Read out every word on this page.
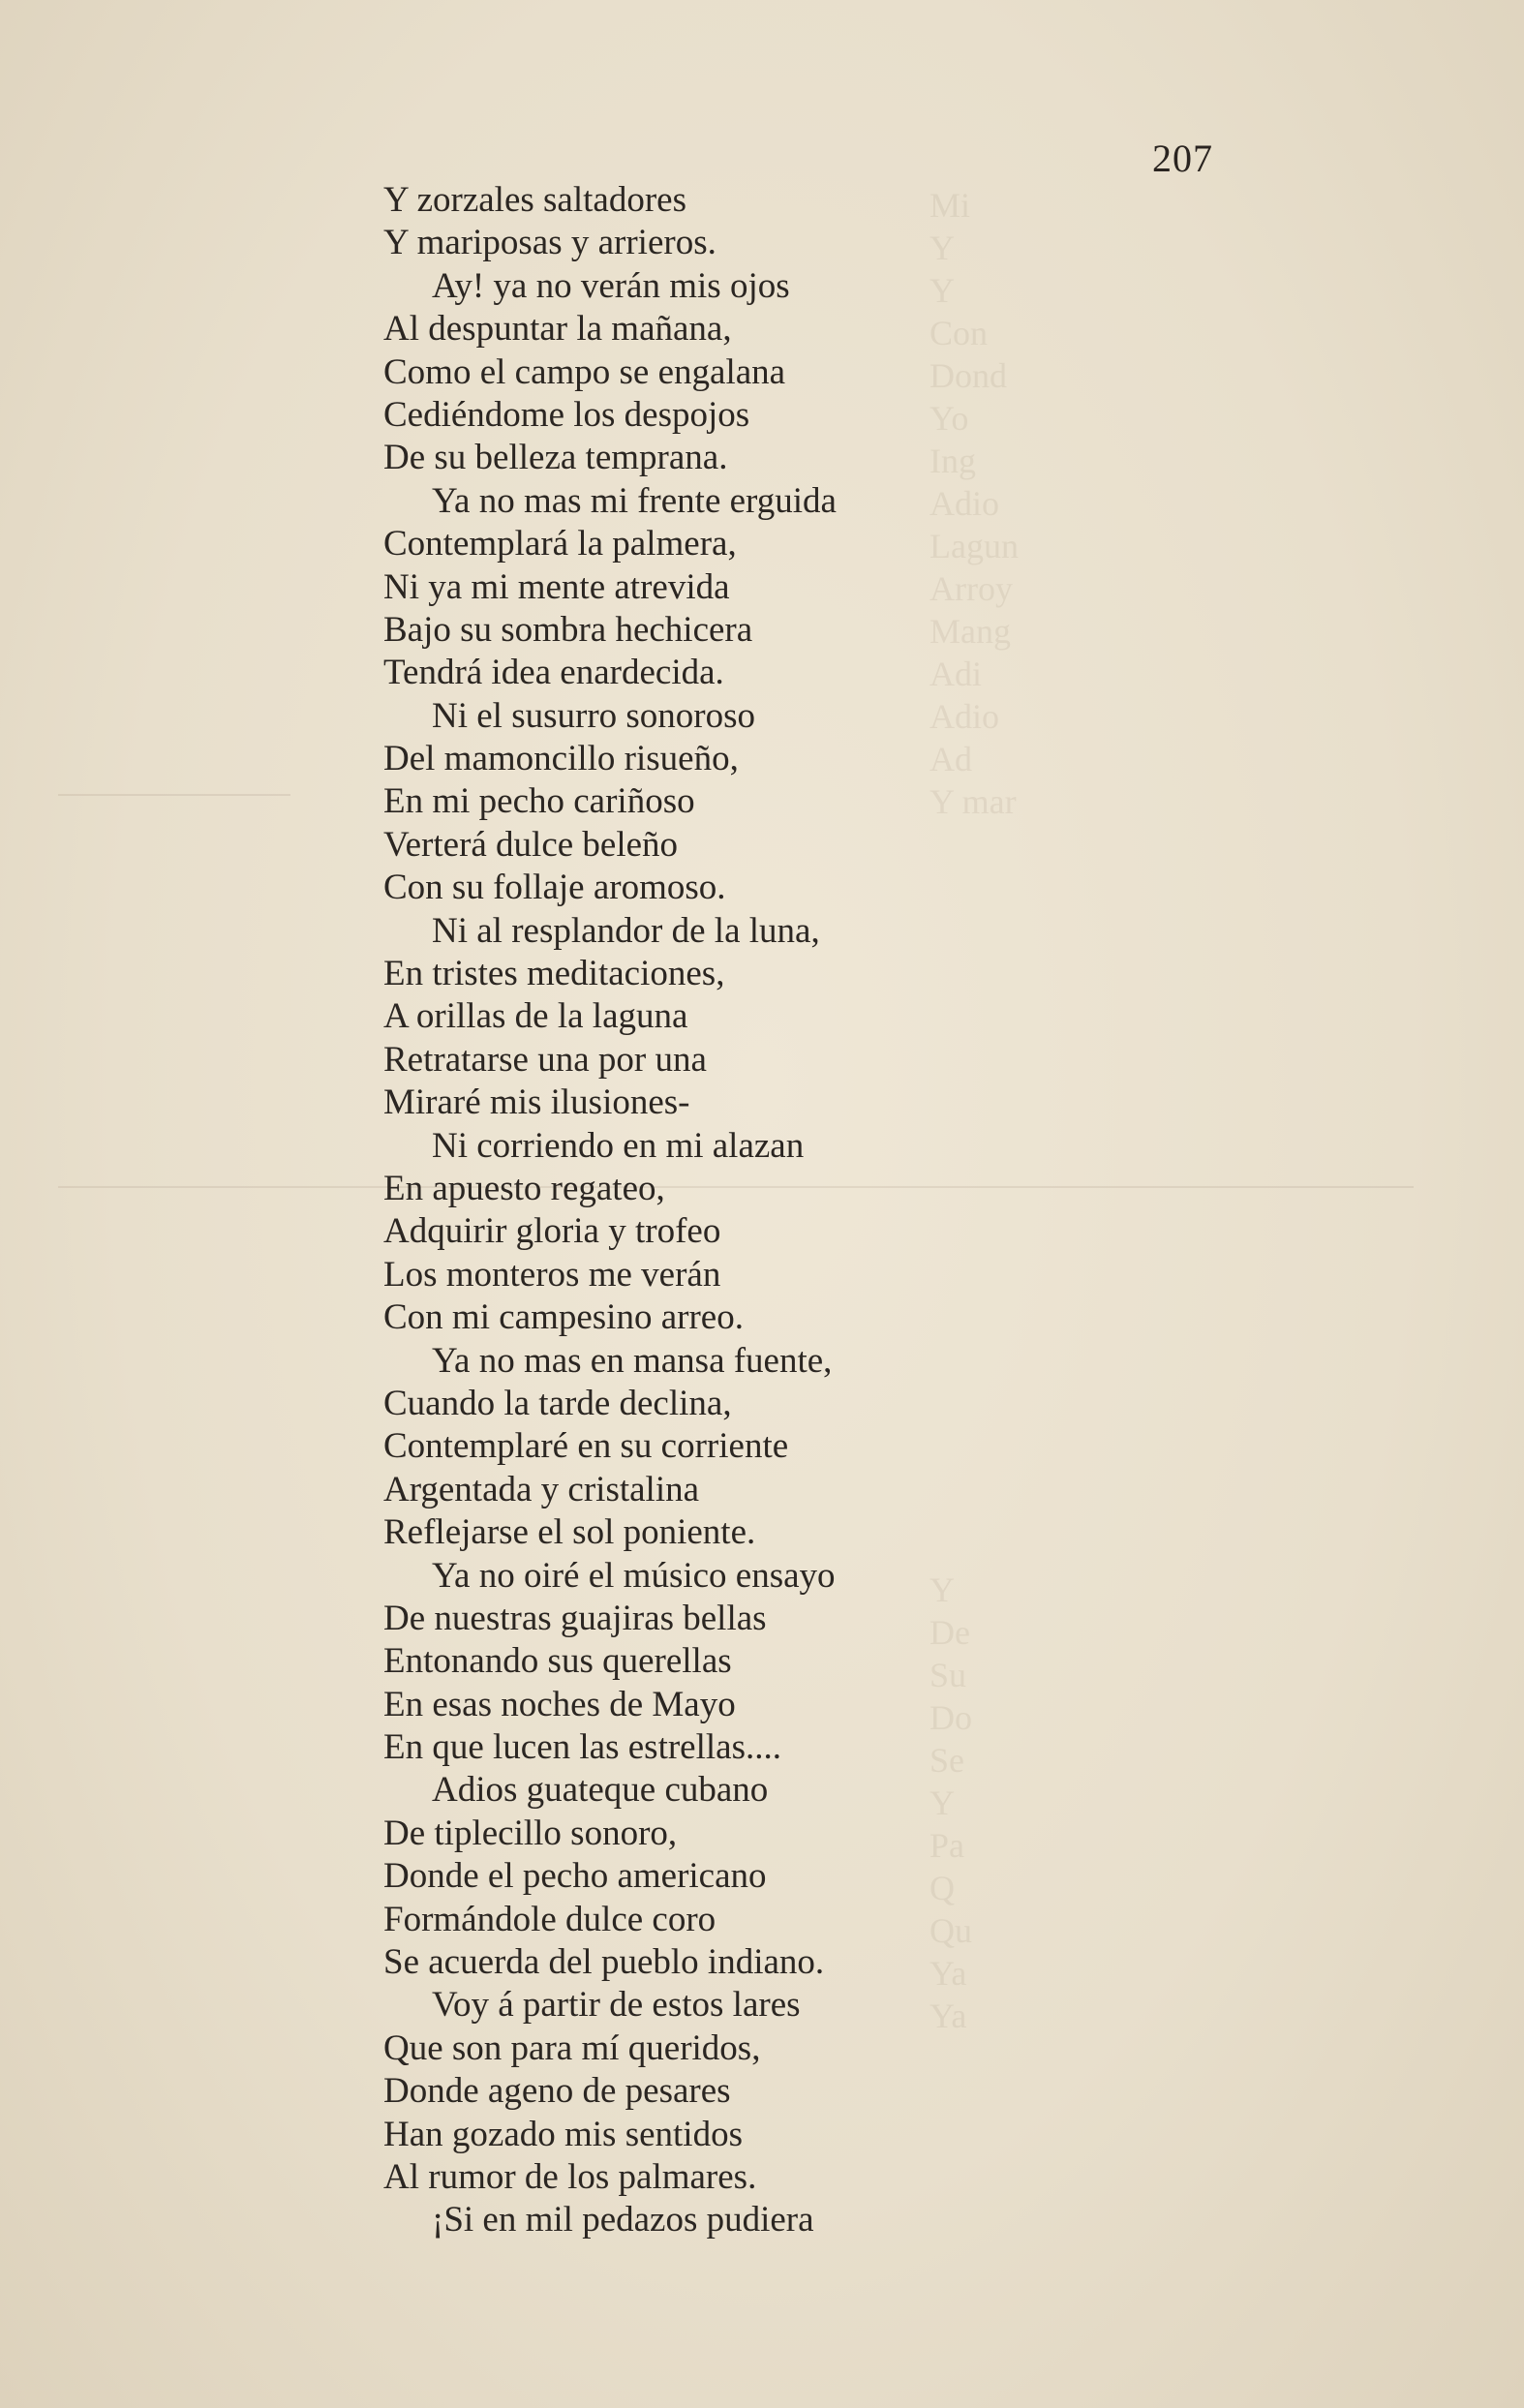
Mi
Y
Y
Con
Dond
Yo
Ing
Adio
Lagun
Arroy
Mang
Adi
Adio
Ad
Y mar
Y
De
Su
Do
Se
Y
Pa
Q
Qu
Ya
Ya
207
Y zorzales saltadores
Y mariposas y arrieros.
Ay! ya no verán mis ojos
Al despuntar la mañana,
Como el campo se engalana
Cediéndome los despojos
De su belleza temprana.
Ya no mas mi frente erguida
Contemplará la palmera,
Ni ya mi mente atrevida
Bajo su sombra hechicera
Tendrá idea enardecida.
Ni el susurro sonoroso
Del mamoncillo risueño,
En mi pecho cariñoso
Verterá dulce beleño
Con su follaje aromoso.
Ni al resplandor de la luna,
En tristes meditaciones,
A orillas de la laguna
Retratarse una por una
Miraré mis ilusiones-
Ni corriendo en mi alazan
En apuesto regateo,
Adquirir gloria y trofeo
Los monteros me verán
Con mi campesino arreo.
Ya no mas en mansa fuente,
Cuando la tarde declina,
Contemplaré en su corriente
Argentada y cristalina
Reflejarse el sol poniente.
Ya no oiré el músico ensayo
De nuestras guajiras bellas
Entonando sus querellas
En esas noches de Mayo
En que lucen las estrellas....
Adios guateque cubano
De tiplecillo sonoro,
Donde el pecho americano
Formándole dulce coro
Se acuerda del pueblo indiano.
Voy á partir de estos lares
Que son para mí queridos,
Donde ageno de pesares
Han gozado mis sentidos
Al rumor de los palmares.
¡Si en mil pedazos pudiera
